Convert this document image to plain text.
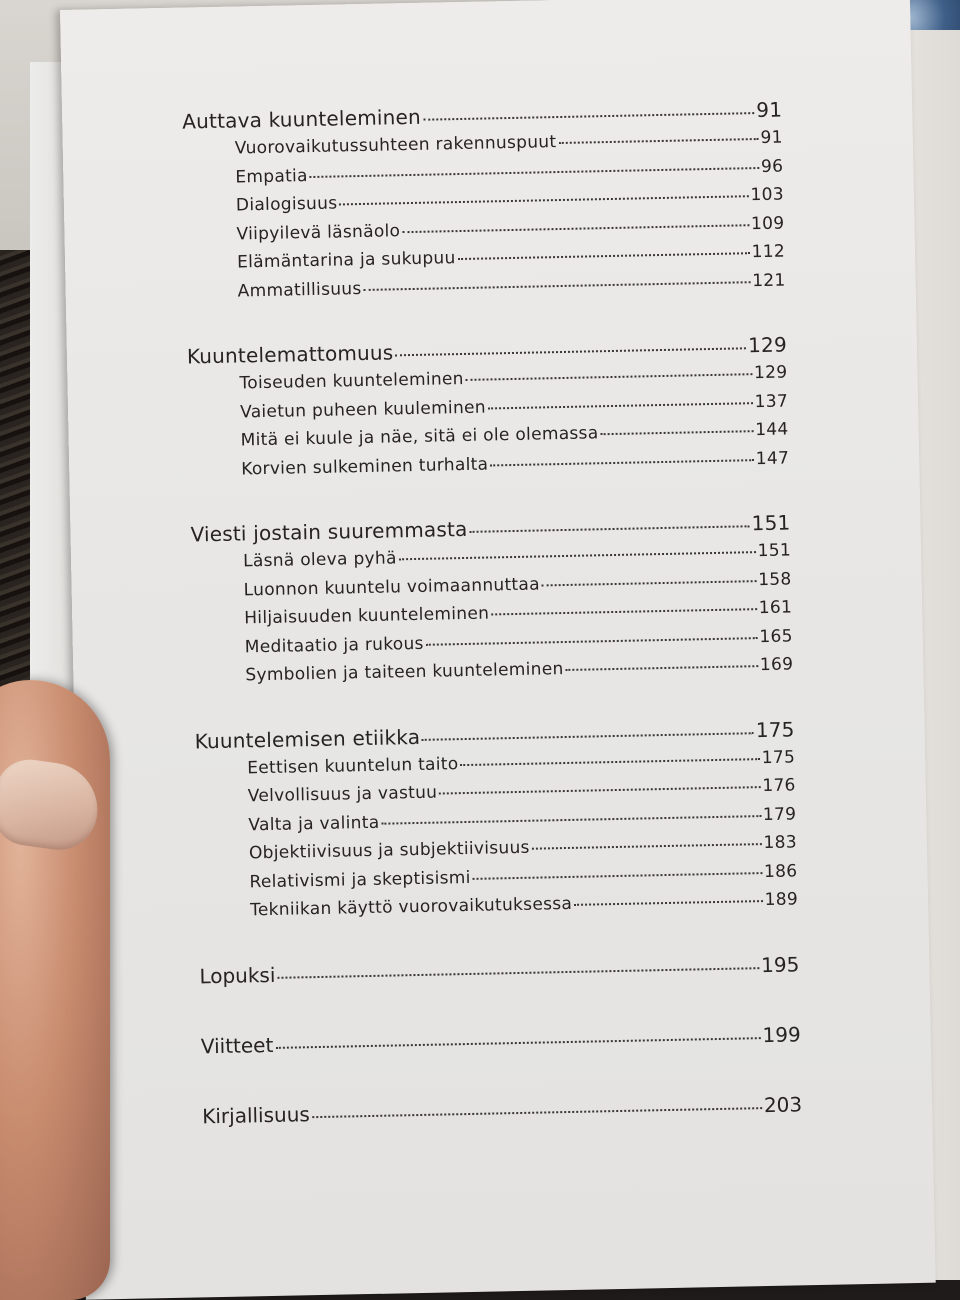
Auttava kuunteleminen	91
Vuorovaikutussuhteen rakennuspuut	91
Empatia	96
Dialogisuus	103
Viipyilevä läsnäolo	109
Elämäntarina ja sukupuu	112
Ammatillisuus	121
Kuuntelemattomuus	129
Toiseuden kuunteleminen	129
Vaietun puheen kuuleminen	137
Mitä ei kuule ja näe, sitä ei ole olemassa	144
Korvien sulkeminen turhalta	147
Viesti jostain suuremmasta	151
Läsnä oleva pyhä	151
Luonnon kuuntelu voimaannuttaa	158
Hiljaisuuden kuunteleminen	161
Meditaatio ja rukous	165
Symbolien ja taiteen kuunteleminen	169
Kuuntelemisen etiikka	175
Eettisen kuuntelun taito	175
Velvollisuus ja vastuu	176
Valta ja valinta	179
Objektiivisuus ja subjektiivisuus	183
Relativismi ja skeptisismi	186
Tekniikan käyttö vuorovaikutuksessa	189
Lopuksi	195
Viitteet	199
Kirjallisuus	203
